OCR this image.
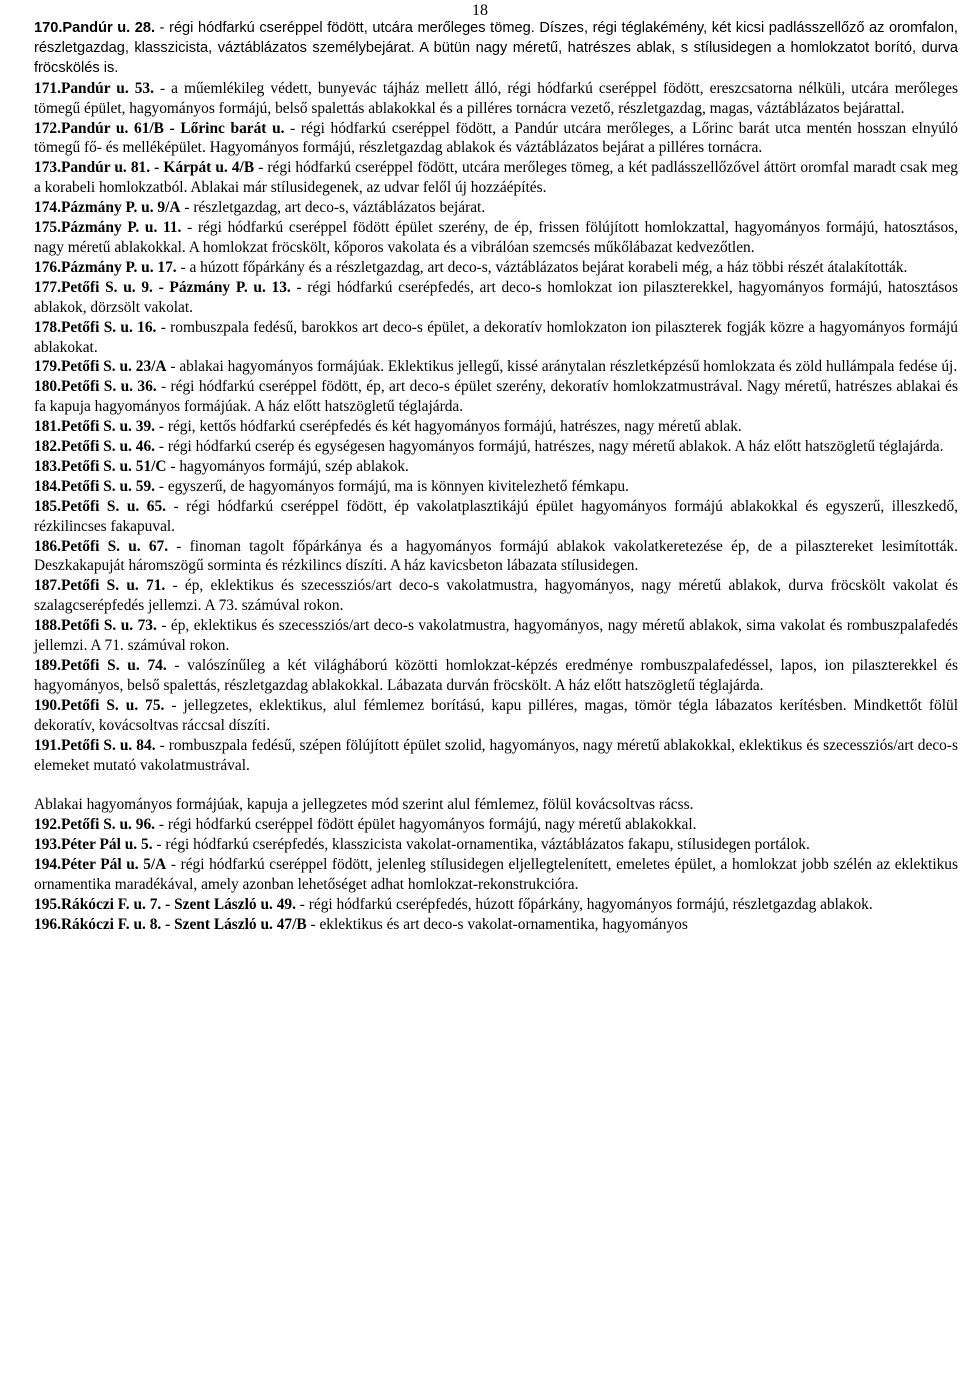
18

170.Pandúr u. 28. - régi hódfarkú cseréppel födött, utcára merőleges tömeg. Díszes, régi téglakémény, két kicsi padlásszellőző az oromfalon, részletgazdag, klasszicista, váztáblázatos személybejárat. A bütün nagy méretű, hatrészes ablak, s stílusidegen a homlokzatot borító, durva fröcskölés is.

171.Pandúr u. 53. - a műemlékileg védett, bunyevác tájház mellett álló, régi hódfarkú cseréppel födött, ereszcsatorna nélküli, utcára merőleges tömegű épület, hagyományos formájú, belső spalettás ablakokkal és a pilléres tornácra vezető, részletgazdag, magas, váztáblázatos bejárattal.

172.Pandúr u. 61/B - Lőrinc barát u. - régi hódfarkú cseréppel födött, a Pandúr utcára merőleges, a Lőrinc barát utca mentén hosszan elnyúló tömegű fő- és melléképület. Hagyományos formájú, részletgazdag ablakok és váztáblázatos bejárat a pilléres tornácra.

173.Pandúr u. 81. - Kárpát u. 4/B - régi hódfarkú cseréppel födött, utcára merőleges tömeg, a két padlásszellőzővel áttört oromfal maradt csak meg a korabeli homlokzatból. Ablakai már stílusidegenek, az udvar felől új hozzáépítés.

174.Pázmány P. u. 9/A - részletgazdag, art deco-s, váztáblázatos bejárat.

175.Pázmány P. u. 11. - régi hódfarkú cseréppel födött épület szerény, de ép, frissen fölújított homlokzattal, hagyományos formájú, hatosztásos, nagy méretű ablakokkal. A homlokzat fröcskölt, kőporos vakolata és a vibrálóan szemcsés műkőlábazat kedvezőtlen.

176.Pázmány P. u. 17. - a húzott főpárkány és a részletgazdag, art deco-s, váztáblázatos bejárat korabeli még, a ház többi részét átalakították.

177.Petőfi S. u. 9. - Pázmány P. u. 13. - régi hódfarkú cserépfedés, art deco-s homlokzat ion pilaszterekkel, hagyományos formájú, hatosztásos ablakok, dörzsölt vakolat.

178.Petőfi S. u. 16. - rombuszpala fedésű, barokkos art deco-s épület, a dekoratív homlokzaton ion pilaszterek fogják közre a hagyományos formájú ablakokat.

179.Petőfi S. u. 23/A - ablakai hagyományos formájúak. Eklektikus jellegű, kissé aránytalan részletképzésű homlokzata és zöld hullámpala fedése új.

180.Petőfi S. u. 36. - régi hódfarkú cseréppel födött, ép, art deco-s épület szerény, dekoratív homlokzatmustrával. Nagy méretű, hatrészes ablakai és fa kapuja hagyományos formájúak. A ház előtt hatszögletű téglajárda.

181.Petőfi S. u. 39. - régi, kettős hódfarkú cserépfedés és két hagyományos formájú, hatrészes, nagy méretű ablak.

182.Petőfi S. u. 46. - régi hódfarkú cserép és egységesen hagyományos formájú, hatrészes, nagy méretű ablakok. A ház előtt hatszögletű téglajárda.

183.Petőfi S. u. 51/C - hagyományos formájú, szép ablakok.

184.Petőfi S. u. 59. - egyszerű, de hagyományos formájú, ma is könnyen kivitelezhető fémkapu.

185.Petőfi S. u. 65. - régi hódfarkú cseréppel födött, ép vakolatplasztikájú épület hagyományos formájú ablakokkal és egyszerű, illeszkedő, rézkilincses fakapuval.

186.Petőfi S. u. 67. - finoman tagolt főpárkánya és a hagyományos formájú ablakok vakolatkeretezése ép, de a pilasztereket lesimították. Deszkakapuját háromszögű sorminta és rézkilincs díszíti. A ház kavicsbeton lábazata stílusidegen.

187.Petőfi S. u. 71. - ép, eklektikus és szecessziós/art deco-s vakolatmustra, hagyományos, nagy méretű ablakok, durva fröcskölt vakolat és szalagcserépfedés jellemzi. A 73. számúval rokon.

188.Petőfi S. u. 73. - ép, eklektikus és szecessziós/art deco-s vakolatmustra, hagyományos, nagy méretű ablakok, sima vakolat és rombuszpalafedés jellemzi. A 71. számúval rokon.

189.Petőfi S. u. 74. - valószínűleg a két világháború közötti homlokzat-képzés eredménye rombuszpalafedéssel, lapos, ion pilaszterekkel és hagyományos, belső spalettás, részletgazdag ablakokkal. Lábazata durván fröcskölt. A ház előtt hatszögletű téglajárda.

190.Petőfi S. u. 75. - jellegzetes, eklektikus, alul fémlemez borítású, kapu pilléres, magas, tömör tégla lábazatos kerítésben. Mindkettőt fölül dekoratív, kovácsoltvas ráccsal díszíti.

191.Petőfi S. u. 84. - rombuszpala fedésű, szépen fölújított épület szolid, hagyományos, nagy méretű ablakokkal, eklektikus és szecessziós/art deco-s elemeket mutató vakolatmustrával.

Ablakai hagyományos formájúak, kapuja a jellegzetes mód szerint alul fémlemez, fölül kovácsoltvas rácss.

192.Petőfi S. u. 96. - régi hódfarkú cseréppel födött épület hagyományos formájú, nagy méretű ablakokkal.

193.Péter Pál u. 5. - régi hódfarkú cserépfedés, klasszicista vakolat-ornamentika, váztáblázatos fakapu, stílusidegen portálok.

194.Péter Pál u. 5/A - régi hódfarkú cseréppel födött, jelenleg stílusidegen eljellegtelenített, emeletes épület, a homlokzat jobb szélén az eklektikus ornamentika maradékával, amely azonban lehetőséget adhat homlokzat-rekonstrukcióra.

195.Rákóczi F. u. 7. - Szent László u. 49. - régi hódfarkú cserépfedés, húzott főpárkány, hagyományos formájú, részletgazdag ablakok.

196.Rákóczi F. u. 8. - Szent László u. 47/B - eklektikus és art deco-s vakolat-ornamentika, hagyományos
